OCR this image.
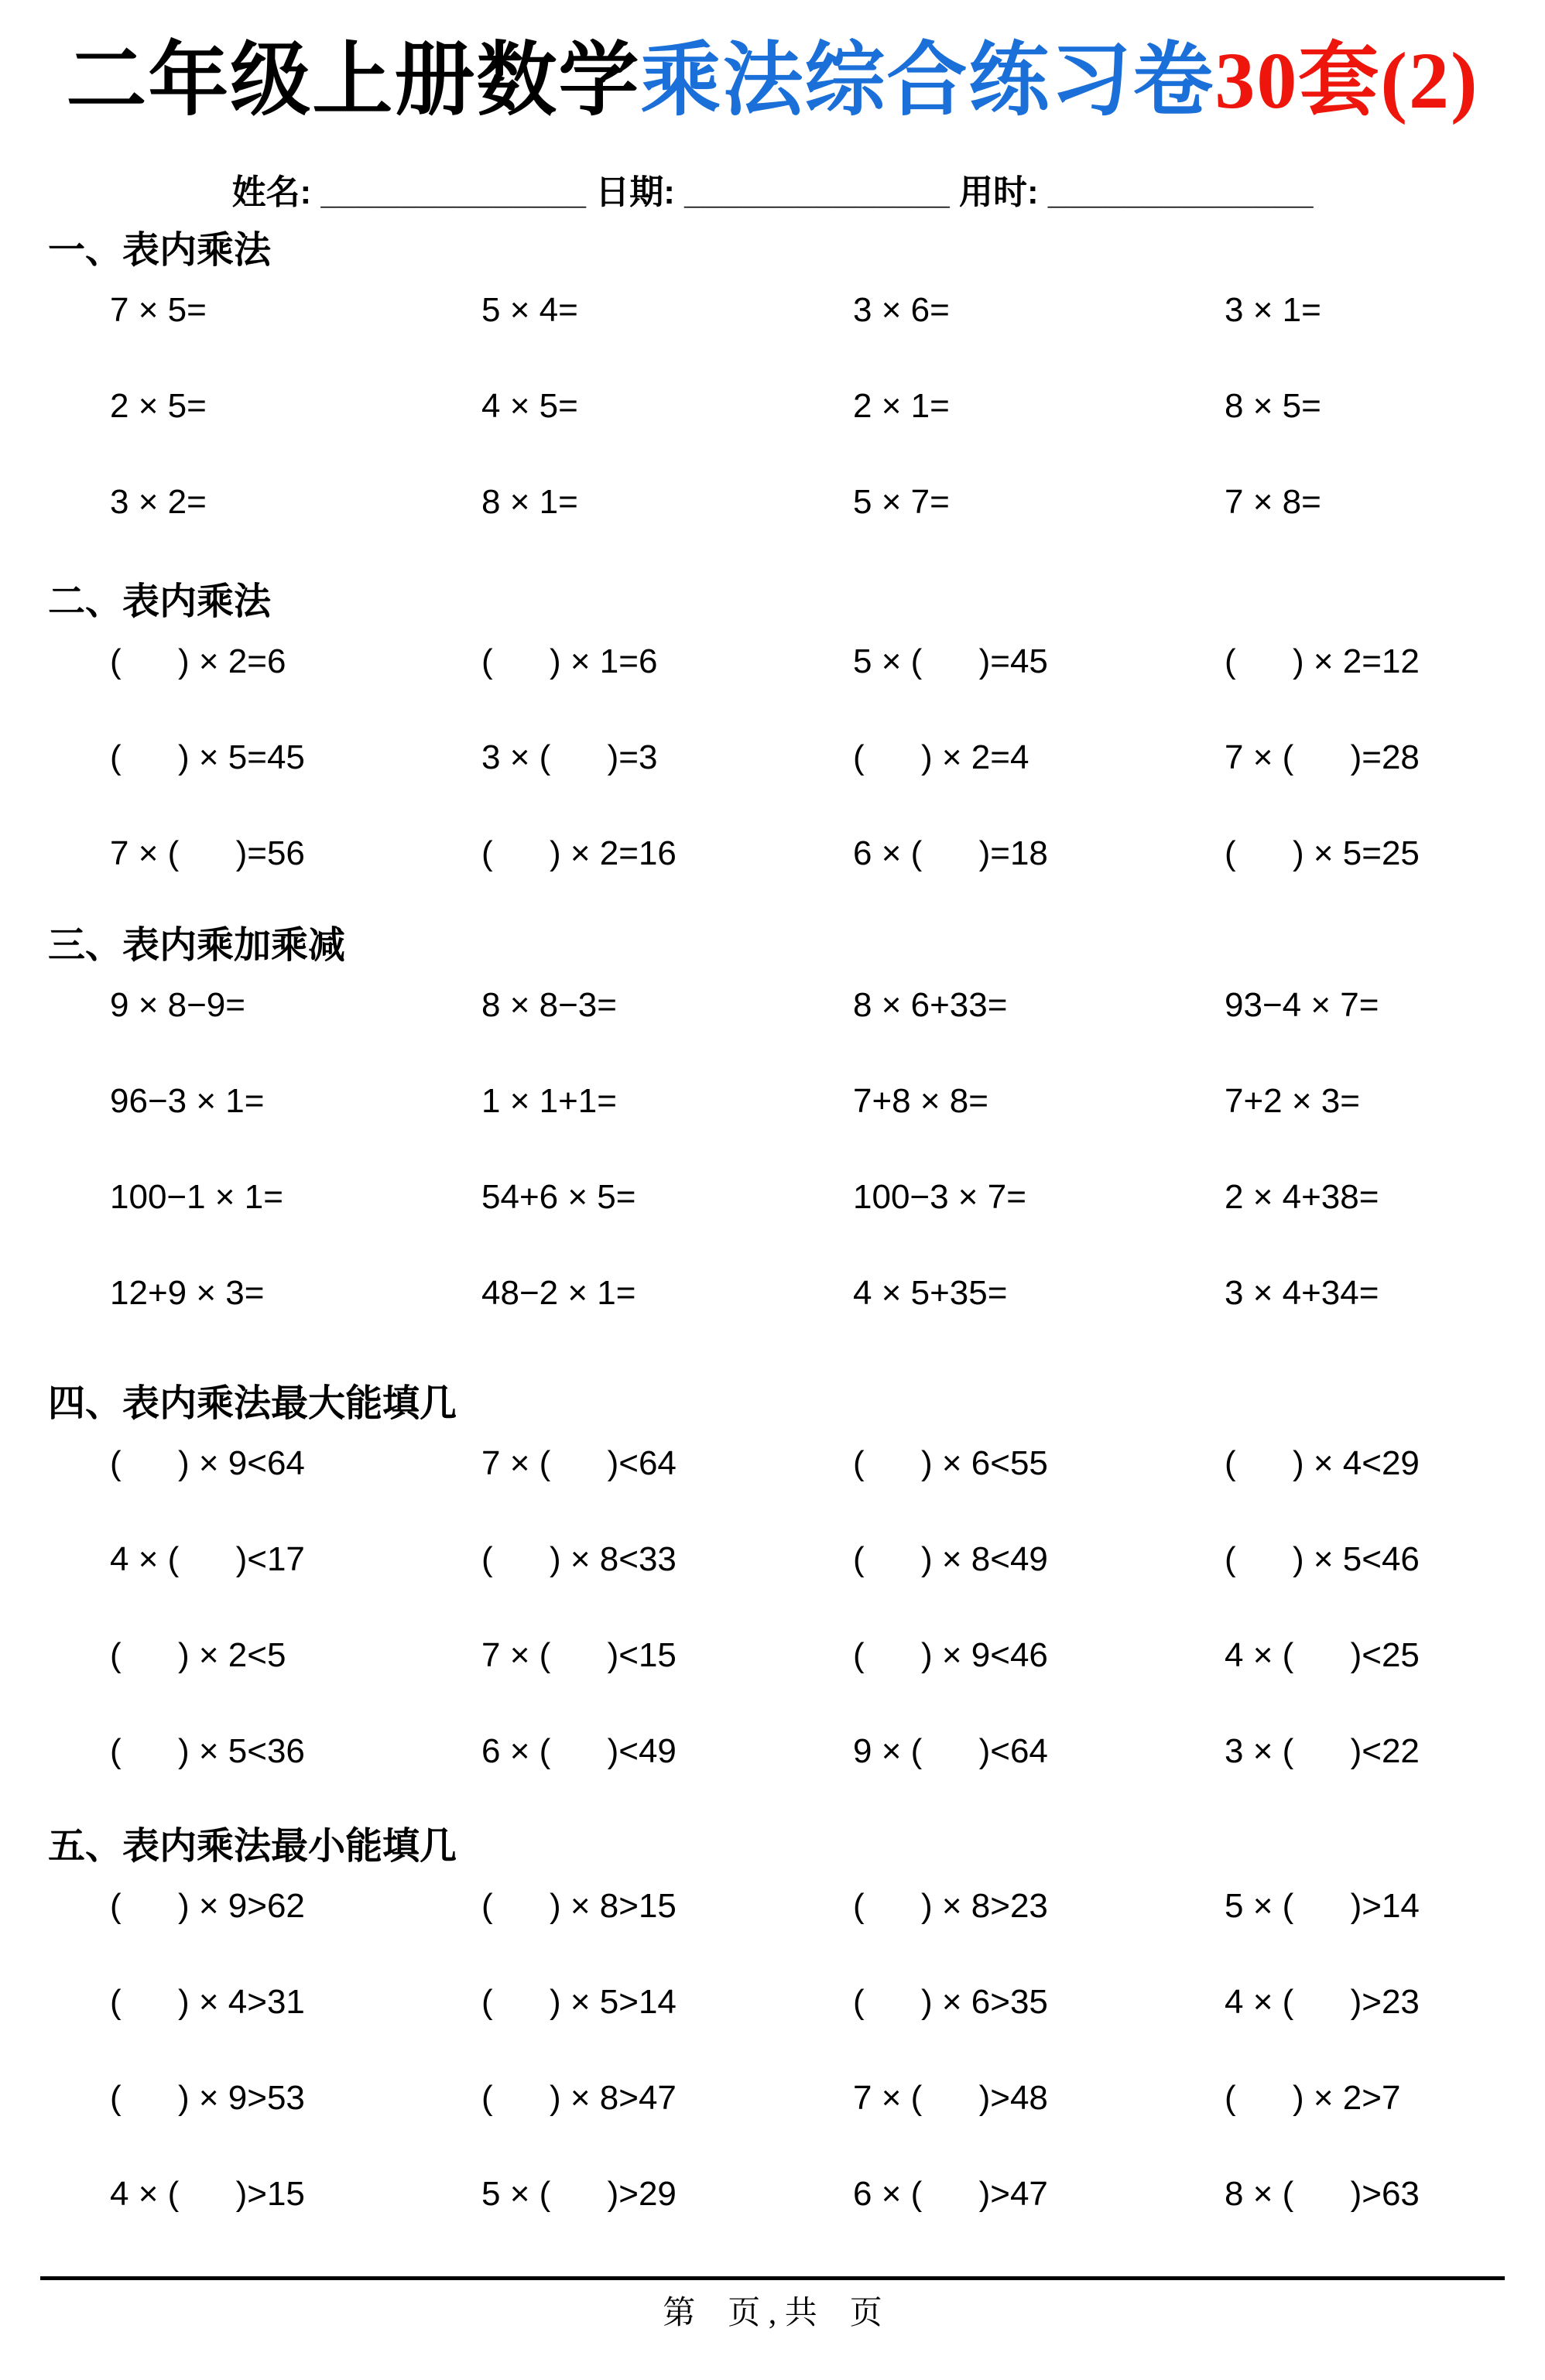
二年级上册数学乘法综合练习卷30套(2)
姓名: ______________ 日期: ______________ 用时: ______________
一、表内乘法
7 × 5=	5 × 4=	3 × 6=	3 × 1=
2 × 5=	4 × 5=	2 × 1=	8 × 5=
3 × 2=	8 × 1=	5 × 7=	7 × 8=
二、表内乘法
(      ) × 2=6	(      ) × 1=6	5 × (      )=45	(      ) × 2=12
(      ) × 5=45	3 × (      )=3	(      ) × 2=4	7 × (      )=28
7 × (      )=56	(      ) × 2=16	6 × (      )=18	(      ) × 5=25
三、表内乘加乘减
9 × 8−9=	8 × 8−3=	8 × 6+33=	93−4 × 7=
96−3 × 1=	1 × 1+1=	7+8 × 8=	7+2 × 3=
100−1 × 1=	54+6 × 5=	100−3 × 7=	2 × 4+38=
12+9 × 3=	48−2 × 1=	4 × 5+35=	3 × 4+34=
四、表内乘法最大能填几
(      ) × 9<64	7 × (      )<64	(      ) × 6<55	(      ) × 4<29
4 × (      )<17	(      ) × 8<33	(      ) × 8<49	(      ) × 5<46
(      ) × 2<5	7 × (      )<15	(      ) × 9<46	4 × (      )<25
(      ) × 5<36	6 × (      )<49	9 × (      )<64	3 × (      )<22
五、表内乘法最小能填几
(      ) × 9>62	(      ) × 8>15	(      ) × 8>23	5 × (      )>14
(      ) × 4>31	(      ) × 5>14	(      ) × 6>35	4 × (      )>23
(      ) × 9>53	(      ) × 8>47	7 × (      )>48	(      ) × 2>7
4 × (      )>15	5 × (      )>29	6 × (      )>47	8 × (      )>63
第　页 , 共　页
